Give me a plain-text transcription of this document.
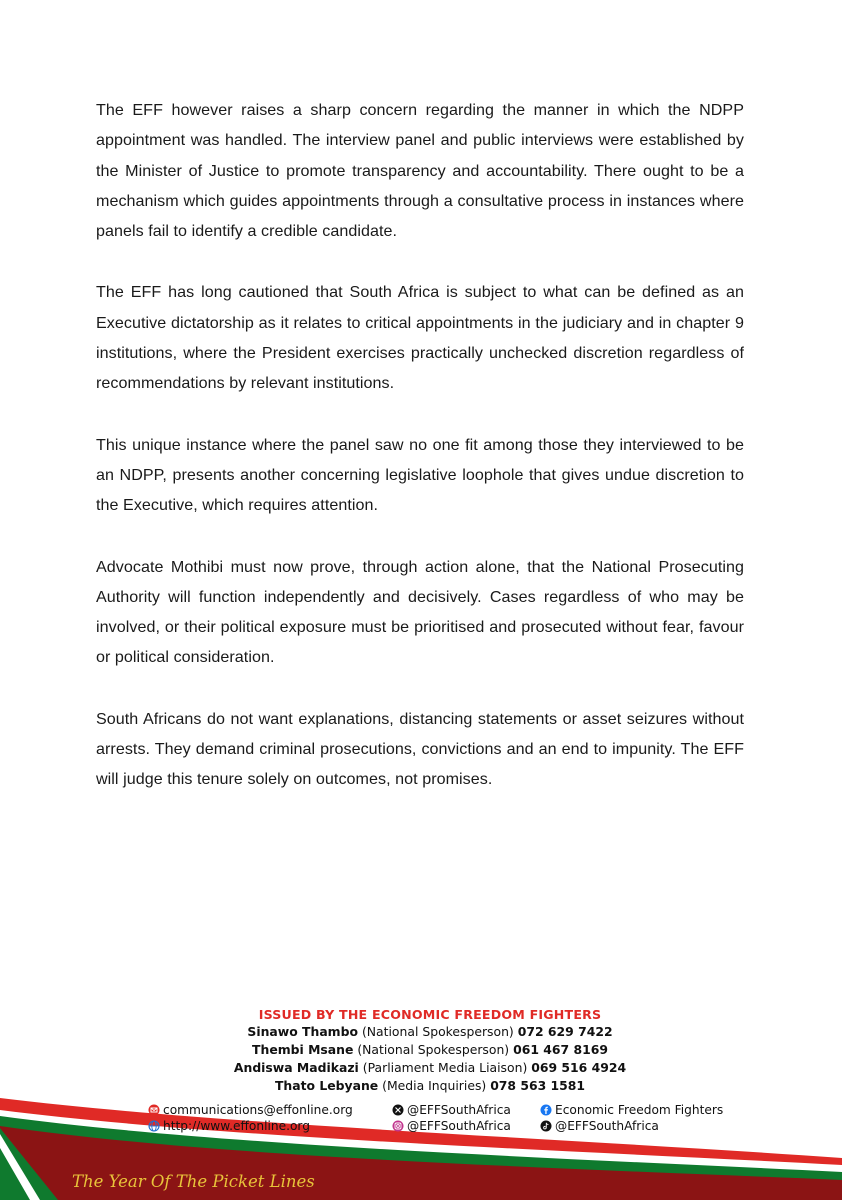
The EFF however raises a sharp concern regarding the manner in which the NDPP appointment was handled. The interview panel and public interviews were established by the Minister of Justice to promote transparency and accountability. There ought to be a mechanism which guides appointments through a consultative process in instances where panels fail to identify a credible candidate.

The EFF has long cautioned that South Africa is subject to what can be defined as an Executive dictatorship as it relates to critical appointments in the judiciary and in chapter 9 institutions, where the President exercises practically unchecked discretion regardless of recommendations by relevant institutions.

This unique instance where the panel saw no one fit among those they interviewed to be an NDPP, presents another concerning legislative loophole that gives undue discretion to the Executive, which requires attention.

Advocate Mothibi must now prove, through action alone, that the National Prosecuting Authority will function independently and decisively. Cases regardless of who may be involved, or their political exposure must be prioritised and prosecuted without fear, favour or political consideration.

South Africans do not want explanations, distancing statements or asset seizures without arrests. They demand criminal prosecutions, convictions and an end to impunity. The EFF will judge this tenure solely on outcomes, not promises.

ISSUED BY THE ECONOMIC FREEDOM FIGHTERS
Sinawo Thambo (National Spokesperson) 072 629 7422
Thembi Msane (National Spokesperson) 061 467 8169
Andiswa Madikazi (Parliament Media Liaison) 069 516 4924
Thato Lebyane (Media Inquiries) 078 563 1581
communications@effonline.org
http://www.effonline.org
@EFFSouthAfrica
@EFFSouthAfrica
Economic Freedom Fighters
@EFFSouthAfrica
The Year Of The Picket Lines
